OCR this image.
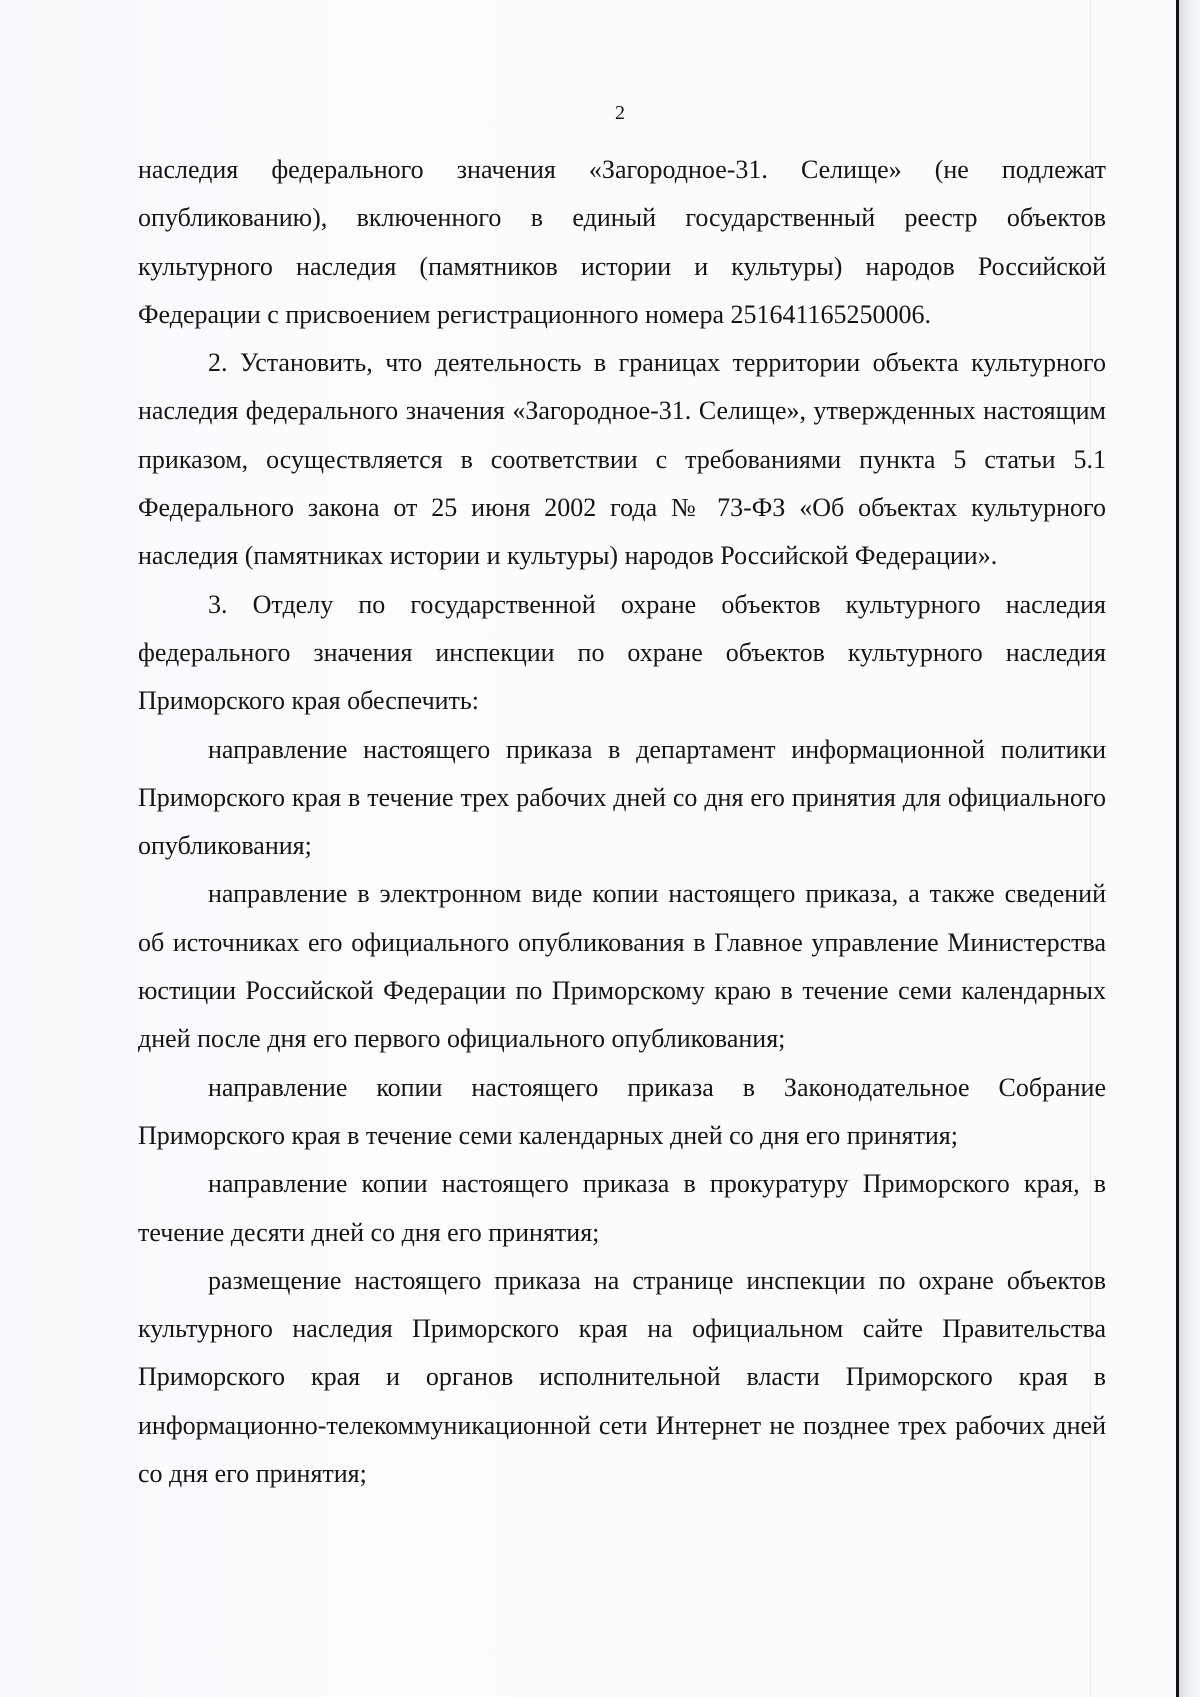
2

наследия федерального значения «Загородное-31. Селище» (не подлежат опубликованию), включенного в единый государственный реестр объектов культурного наследия (памятников истории и культуры) народов Российской Федерации с присвоением регистрационного номера 251641165250006.

2. Установить, что деятельность в границах территории объекта культурного наследия федерального значения «Загородное-31. Селище», утвержденных настоящим приказом, осуществляется в соответствии с требованиями пункта 5 статьи 5.1 Федерального закона от 25 июня 2002 года № 73-ФЗ «Об объектах культурного наследия (памятниках истории и культуры) народов Российской Федерации».

3. Отделу по государственной охране объектов культурного наследия федерального значения инспекции по охране объектов культурного наследия Приморского края обеспечить:

направление настоящего приказа в департамент информационной политики Приморского края в течение трех рабочих дней со дня его принятия для официального опубликования;

направление в электронном виде копии настоящего приказа, а также сведений об источниках его официального опубликования в Главное управление Министерства юстиции Российской Федерации по Приморскому краю в течение семи календарных дней после дня его первого официального опубликования;

направление копии настоящего приказа в Законодательное Собрание Приморского края в течение семи календарных дней со дня его принятия;

направление копии настоящего приказа в прокуратуру Приморского края, в течение десяти дней со дня его принятия;

размещение настоящего приказа на странице инспекции по охране объектов культурного наследия Приморского края на официальном сайте Правительства Приморского края и органов исполнительной власти Приморского края в информационно-телекоммуникационной сети Интернет не позднее трех рабочих дней со дня его принятия;
